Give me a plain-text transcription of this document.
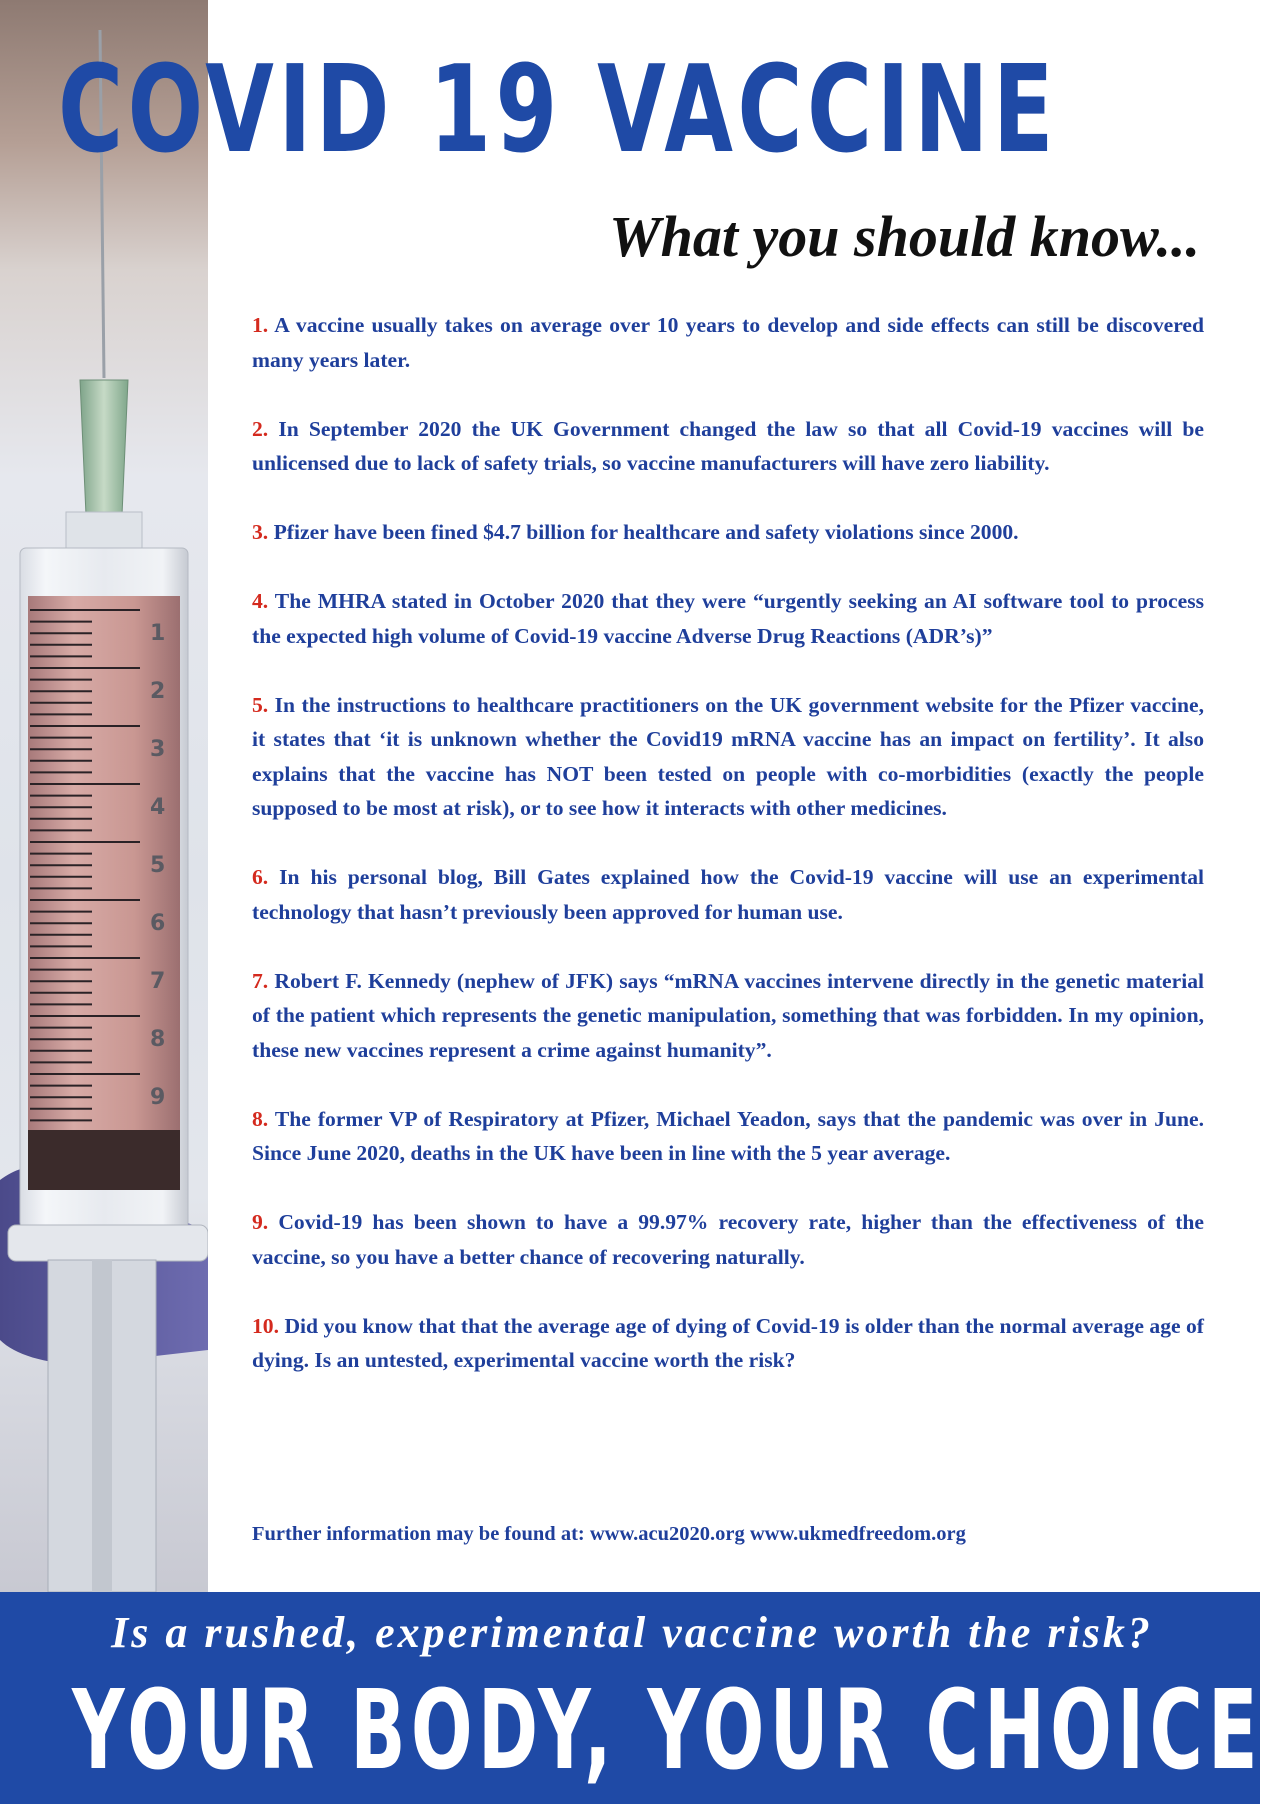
1
2
3
4
5
6
7
8
9
COVID 19 VACCINE
What you should know...
1. A vaccine usually takes on average over 10 years to develop and side effects can still be discovered many years later.
2. In September 2020 the UK Government changed the law so that all Covid-19 vaccines will be unlicensed due to lack of safety trials, so vaccine manufacturers will have zero liability.
3. Pfizer have been fined $4.7 billion for healthcare and safety violations since 2000.
4. The MHRA stated in October 2020 that they were “urgently seeking an AI software tool to process the expected high volume of Covid-19 vaccine Adverse Drug Reactions (ADR’s)”
5. In the instructions to healthcare practitioners on the UK government website for the Pfizer vaccine, it states that ‘it is unknown whether the Covid19 mRNA vaccine has an impact on fertility’. It also explains that the vaccine has NOT been tested on people with co-morbidities (exactly the people supposed to be most at risk), or to see how it interacts with other medicines.
6. In his personal blog, Bill Gates explained how the Covid-19 vaccine will use an experimental technology that hasn’t previously been approved for human use.
7. Robert F. Kennedy (nephew of JFK) says “mRNA vaccines intervene directly in the genetic material of the patient which represents the genetic manipulation, something that was forbidden. In my opinion, these new vaccines represent a crime against humanity”.
8. The former VP of Respiratory at Pfizer, Michael Yeadon, says that the pandemic was over in June. Since June 2020, deaths in the UK have been in line with the 5 year average.
9. Covid-19 has been shown to have a 99.97% recovery rate, higher than the effectiveness of the vaccine, so you have a better chance of recovering naturally.
10. Did you know that that the average age of dying of Covid-19 is older than the normal average age of dying. Is an untested, experimental vaccine worth the risk?

Further information may be found at: www.acu2020.org www.ukmedfreedom.org

Is a rushed, experimental vaccine worth the risk?

YOUR BODY, YOUR CHOICE
